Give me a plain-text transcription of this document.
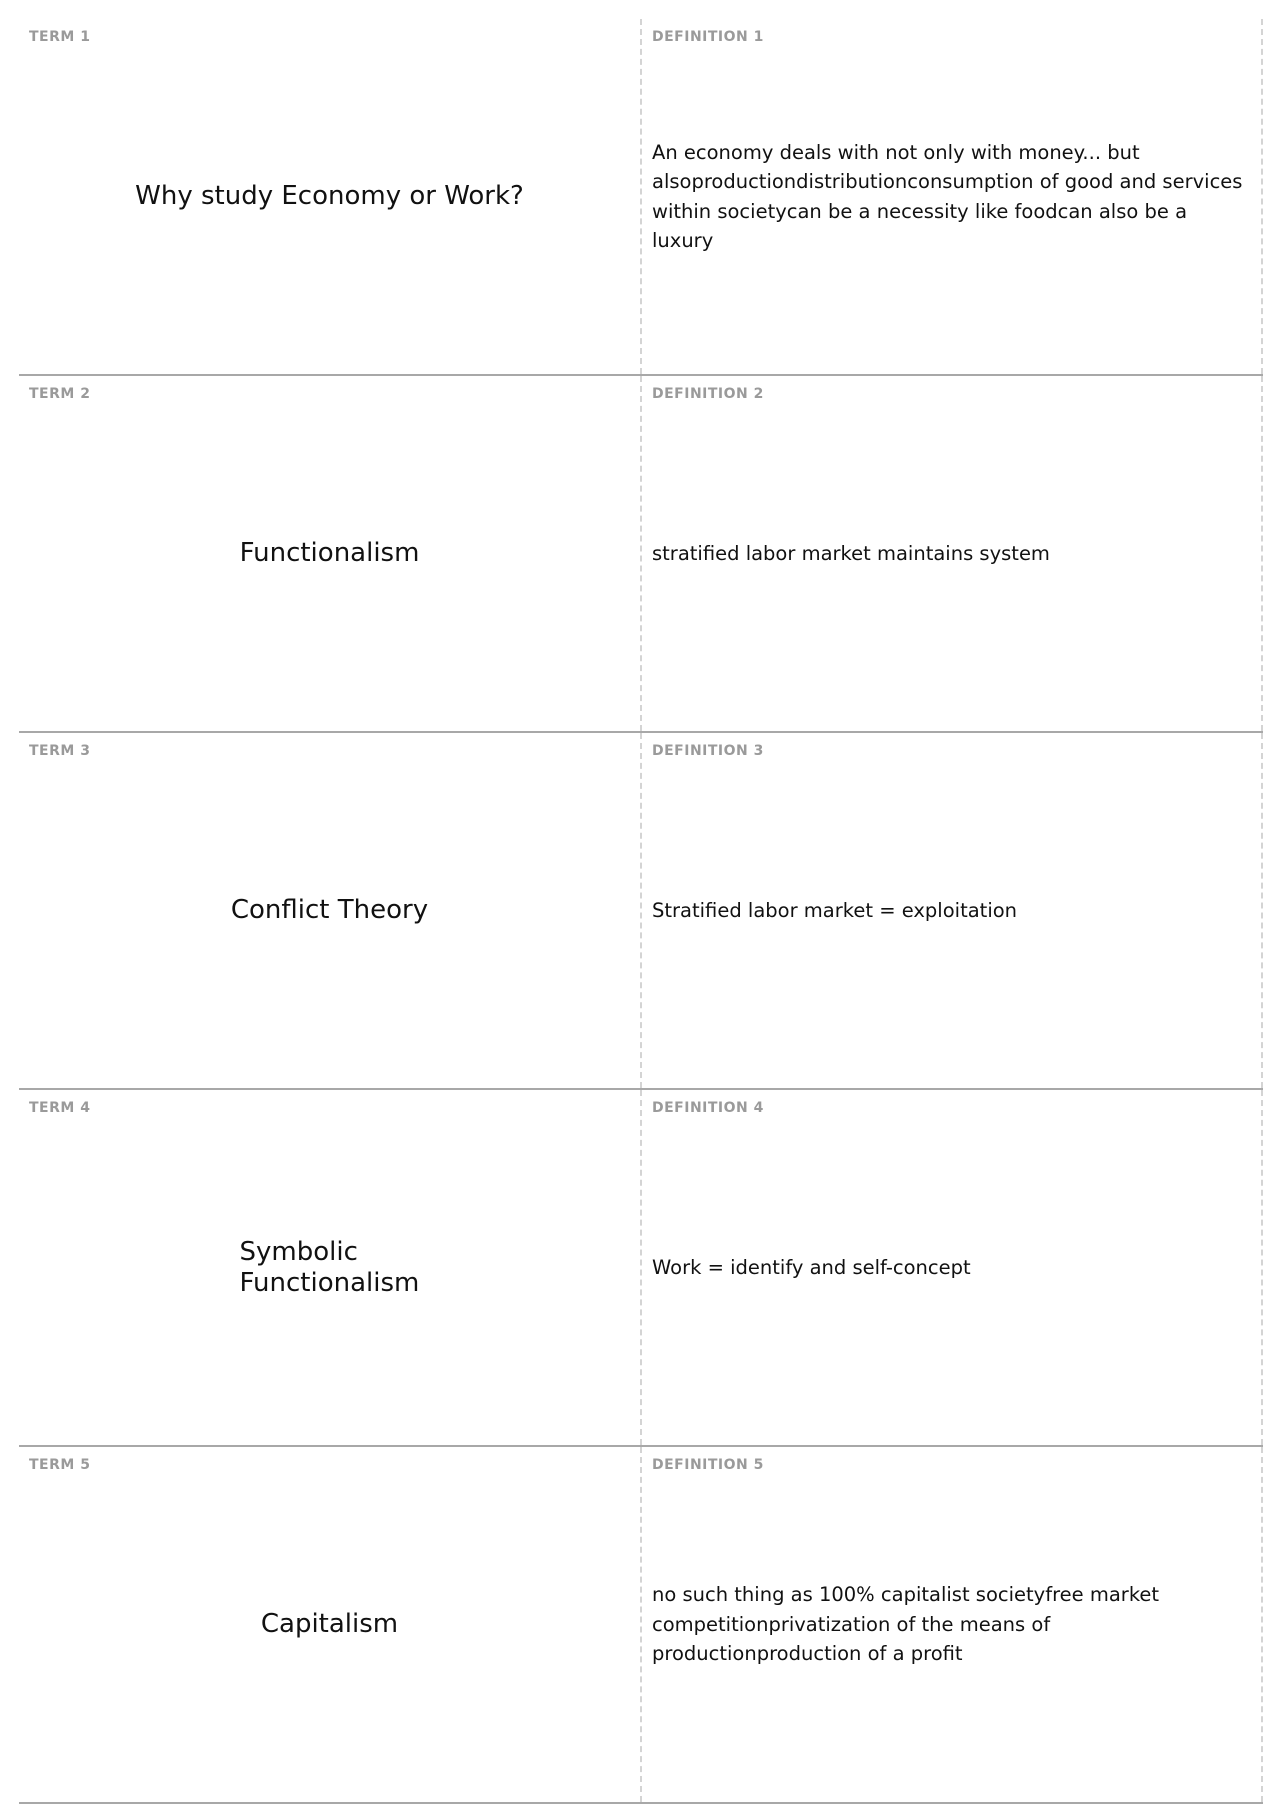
TERM 1
Why study Economy or Work?
DEFINITION 1
An economy deals with not only with money... but alsoproductiondistributionconsumption of good and services within societycan be a necessity like foodcan also be a luxury
TERM 2
Functionalism
DEFINITION 2
stratified labor market maintains system
TERM 3
Conflict Theory
DEFINITION 3
Stratified labor market = exploitation
TERM 4
Symbolic Functionalism
DEFINITION 4
Work = identify and self-concept
TERM 5
Capitalism
DEFINITION 5
no such thing as 100% capitalist societyfree market competitionprivatization of the means of productionproduction of a profit
